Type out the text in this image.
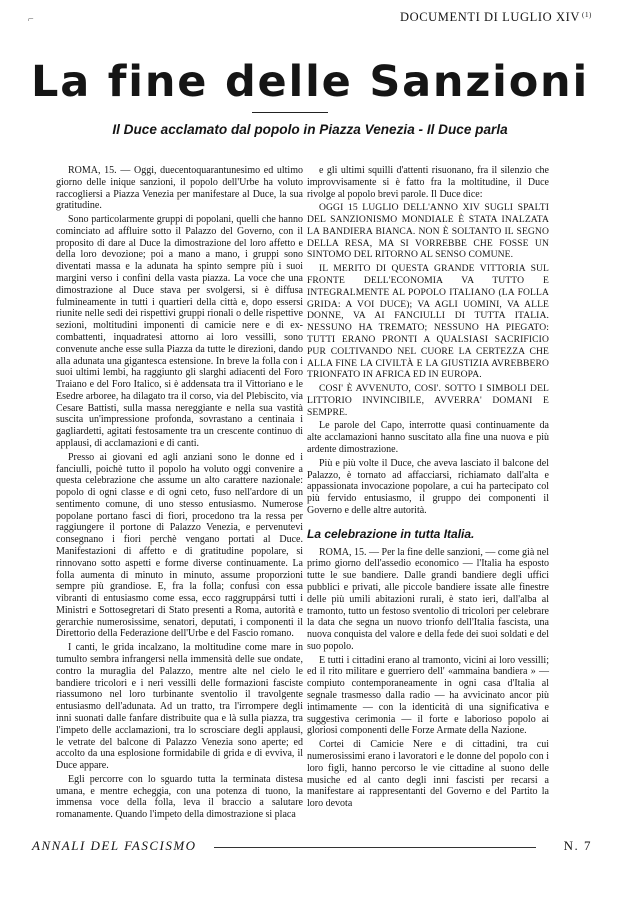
DOCUMENTI DI LUGLIO XIV $^{(1)}$
⌐
La fine delle Sanzioni
Il Duce acclamato dal popolo in Piazza Venezia - Il Duce parla

ROMA, 15. — Oggi, duecentoquarantunesimo ed ultimo giorno delle inique sanzioni, il popolo dell'Urbe ha voluto raccogliersi a Piazza Venezia per manifestare al Duce, la sua gratitudine.

Sono particolarmente gruppi di popolani, quelli che hanno cominciato ad affluire sotto il Palazzo del Governo, con il proposito di dare al Duce la dimostrazione del loro affetto e della loro devozione; poi a mano a mano, i gruppi sono diventati massa e la adunata ha spinto sempre più i suoi margini verso i confini della vasta piazza. La voce che una dimostrazione al Duce stava per svolgersi, si è diffusa fulmineamente in tutti i quartieri della città e, dopo essersi riunite nelle sedi dei rispettivi gruppi rionali o delle rispettive sezioni, moltitudini imponenti di camicie nere e di ex-combattenti, inquadratesi attorno ai loro vessilli, sono convenute anche esse sulla Piazza da tutte le direzioni, dando alla adunata una gigantesca estensione. In breve la folla con i suoi ultimi lembi, ha raggiunto gli slarghi adiacenti del Foro Traiano e del Foro Italico, si è addensata tra il Vittoriano e le Esedre arboree, ha dilagato tra il corso, via del Plebiscito, via Cesare Battisti, sulla massa nereggiante e nella sua vastità suscita un'impressione profonda, sovrastano a centinaia i gagliardetti, agitati festosamente tra un crescente continuo di applausi, di acclamazioni e di canti.

Presso ai giovani ed agli anziani sono le donne ed i fanciulli, poichè tutto il popolo ha voluto oggi convenire a questa celebrazione che assume un alto carattere nazionale: popolo di ogni classe e di ogni ceto, fuso nell'ardore di un sentimento comune, di uno stesso entusiasmo. Numerose popolane portano fasci di fiori, procedono tra la ressa per raggiungere il portone di Palazzo Venezia, e pervenutevi consegnano i fiori perchè vengano portati al Duce. Manifestazioni di affetto e di gratitudine popolare, si rinnovano sotto aspetti e forme diverse continuamente. La folla aumenta di minuto in minuto, assume proporzioni sempre più grandiose. E, fra la folla; confusi con essa vibranti di entusiasmo come essa, ecco raggruppársi tutti i Ministri e Sottosegretari di Stato presenti a Roma, autorità e gerarchie numerosissime, senatori, deputati, i componenti il Direttorio della Federazione dell'Urbe e del Fascio romano.

I canti, le grida incalzano, la moltitudine come mare in tumulto sembra infrangersi nella immensità delle sue ondate, contro la muraglia del Palazzo, mentre alte nel cielo le bandiere tricolori e i neri vessilli delle formazioni fasciste riassumono nel loro turbinante sventolio il travolgente entusiasmo dell'adunata. Ad un tratto, tra l'irrompere degli inni suonati dalle fanfare distribuite qua e là sulla piazza, tra l'impeto delle acclamazioni, tra lo scrosciare degli applausi, le vetrate del balcone di Palazzo Venezia sono aperte; ed accolto da una esplosione formidabile di grida e di evviva, il Duce appare.

Egli percorre con lo sguardo tutta la terminata distesa umana, e mentre echeggia, con una potenza di tuono, la immensa voce della folla, leva il braccio a salutare romanamente. Quando l'impeto della dimostrazione si placa

e gli ultimi squilli d'attenti risuonano, fra il silenzio che improvvisamente si è fatto fra la moltitudine, il Duce rivolge al popolo brevi parole. Il Duce dice:

OGGI 15 LUGLIO DELL'ANNO XIV SUGLI SPALTI DEL SANZIONISMO MONDIALE È STATA INALZATA LA BANDIERA BIANCA. NON È SOLTANTO IL SEGNO DELLA RESA, MA SI VORREBBE CHE FOSSE UN SINTOMO DEL RITORNO AL SENSO COMUNE.

IL MERITO DI QUESTA GRANDE VITTORIA SUL FRONTE DELL'ECONOMIA VA TUTTO E INTEGRALMENTE AL POPOLO ITALIANO (LA FOLLA GRIDA: A VOI DUCE); VA AGLI UOMINI, VA ALLE DONNE, VA AI FANCIULLI DI TUTTA ITALIA. NESSUNO HA TREMATO; NESSUNO HA PIEGATO: TUTTI ERANO PRONTI A QUALSIASI SACRIFICIO PUR COLTIVANDO NEL CUORE LA CERTEZZA CHE ALLA FINE LA CIVILTÀ E LA GIUSTIZIA AVREBBERO TRIONFATO IN AFRICA ED IN EUROPA.

COSI' È AVVENUTO, COSI'. SOTTO I SIMBOLI DEL LITTORIO INVINCIBILE, AVVERRA' DOMANI E SEMPRE.

Le parole del Capo, interrotte quasi continuamente da alte acclamazioni hanno suscitato alla fine una nuova e più ardente dimostrazione.

Più e più volte il Duce, che aveva lasciato il balcone del Palazzo, è tornato ad affacciarsi, richiamato dall'alta e appassionata invocazione popolare, a cui ha partecipato col più fervido entusiasmo, il gruppo dei componenti il Governo e delle altre autorità.

La celebrazione in tutta Italia.

ROMA, 15. — Per la fine delle sanzioni, — come già nel primo giorno dell'assedio economico — l'Italia ha esposto tutte le sue bandiere. Dalle grandi bandiere degli uffici pubblici e privati, alle piccole bandiere issate alle finestre delle più umili abitazioni rurali, è stato ieri, dall'alba al tramonto, tutto un festoso sventolio di tricolori per celebrare la data che segna un nuovo trionfo dell'Italia fascista, una nuova conquista del valore e della fede dei suoi soldati e del suo popolo.

E tutti i cittadini erano al tramonto, vicini ai loro vessilli; ed il rito militare e guerriero dell' «ammaina bandiera » — compiuto contemporaneamente in ogni casa d'Italia al segnale trasmesso dalla radio — ha avvicinato ancor più intimamente — con la identicità di una significativa e suggestiva cerimonia — il forte e laborioso popolo ai gloriosi componenti delle Forze Armate della Nazione.

Cortei di Camicie Nere e di cittadini, tra cui numerosissimi erano i lavoratori e le donne del popolo con i loro figli, hanno percorso le vie cittadine al suono delle musiche ed al canto degli inni fascisti per recarsi a manifestare ai rappresentanti del Governo e del Partito la loro devota

ANNALI DEL FASCISMO	N. 7
